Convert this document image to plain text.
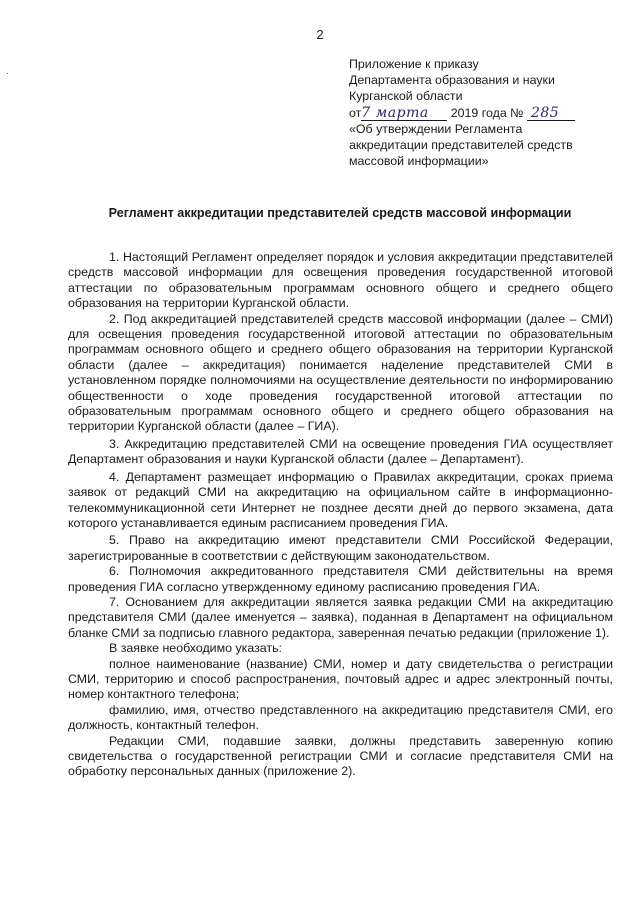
2
·
Приложение к приказу
Департамента образования и науки
Курганской области
от7 марта 2019 года № 285
«Об утверждении Регламента
аккредитации представителей средств
массовой информации»
Регламент аккредитации представителей средств массовой информации

1. Настоящий Регламент определяет порядок и условия аккредитации представителей средств массовой информации для освещения проведения государственной итоговой аттестации по образовательным программам основного общего и среднего общего образования на территории Курганской области.

2. Под аккредитацией представителей средств массовой информации (далее – СМИ) для освещения проведения государственной итоговой аттестации по образовательным программам основного общего и среднего общего образования на территории Курганской области (далее – аккредитация) понимается наделение представителей СМИ в установленном порядке полномочиями на осуществление деятельности по информированию общественности о ходе проведения государственной итоговой аттестации по образовательным программам основного общего и среднего общего образования на территории Курганской области (далее – ГИА).

3. Аккредитацию представителей СМИ на освещение проведения ГИА осуществляет Департамент образования и науки Курганской области (далее – Департамент).

4. Департамент размещает информацию о Правилах аккредитации, сроках приема заявок от редакций СМИ на аккредитацию на официальном сайте в информационно-телекоммуникационной сети Интернет не позднее десяти дней до первого экзамена, дата которого устанавливается единым расписанием проведения ГИА.

5. Право на аккредитацию имеют представители СМИ Российской Федерации, зарегистрированные в соответствии с действующим законодательством.

6. Полномочия аккредитованного представителя СМИ действительны на время проведения ГИА согласно утвержденному единому расписанию проведения ГИА.

7. Основанием для аккредитации является заявка редакции СМИ на аккредитацию представителя СМИ (далее именуется – заявка), поданная в Департамент на официальном бланке СМИ за подписью главного редактора, заверенная печатью редакции (приложение 1).

В заявке необходимо указать:

полное наименование (название) СМИ, номер и дату свидетельства о регистрации СМИ, территорию и способ распространения, почтовый адрес и адрес электронный почты, номер контактного телефона;

фамилию, имя, отчество представленного на аккредитацию представителя СМИ, его должность, контактный телефон.

Редакции СМИ, подавшие заявки, должны представить заверенную копию свидетельства о государственной регистрации СМИ и согласие представителя СМИ на обработку персональных данных (приложение 2).
